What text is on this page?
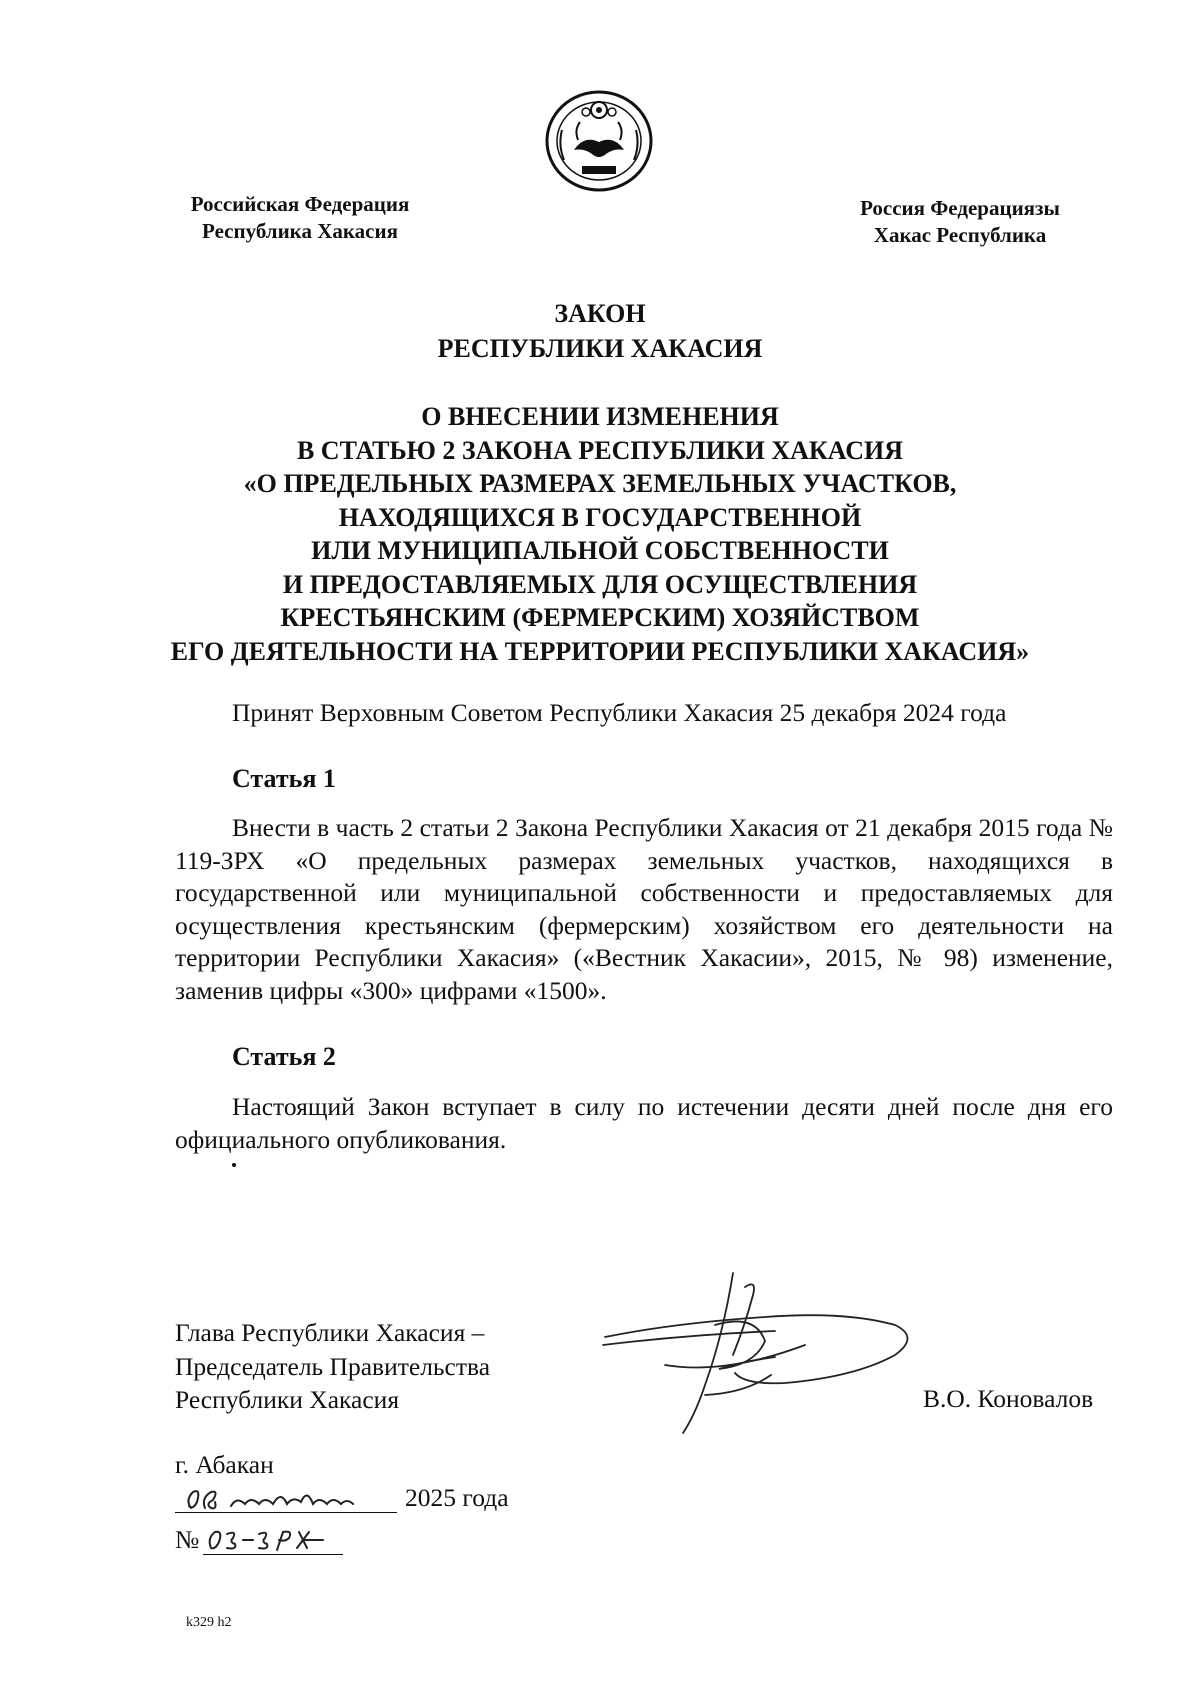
Российская Федерация
Республика Хакасия
Россия Федерациязы
Хакас Республика
ЗАКОН
РЕСПУБЛИКИ ХАКАСИЯ
О ВНЕСЕНИИ ИЗМЕНЕНИЯ
В СТАТЬЮ 2 ЗАКОНА РЕСПУБЛИКИ ХАКАСИЯ
«О ПРЕДЕЛЬНЫХ РАЗМЕРАХ ЗЕМЕЛЬНЫХ УЧАСТКОВ,
НАХОДЯЩИХСЯ В ГОСУДАРСТВЕННОЙ
ИЛИ МУНИЦИПАЛЬНОЙ СОБСТВЕННОСТИ
И ПРЕДОСТАВЛЯЕМЫХ ДЛЯ ОСУЩЕСТВЛЕНИЯ
КРЕСТЬЯНСКИМ (ФЕРМЕРСКИМ) ХОЗЯЙСТВОМ
ЕГО ДЕЯТЕЛЬНОСТИ НА ТЕРРИТОРИИ РЕСПУБЛИКИ ХАКАСИЯ»
Принят Верховным Советом Республики Хакасия 25 декабря 2024 года
Статья 1
Внести в часть 2 статьи 2 Закона Республики Хакасия от 21 декабря 2015 года № 119-ЗРХ «О предельных размерах земельных участков, находящихся в государственной или муниципальной собственности и предоставляемых для осуществления крестьянским (фермерским) хозяйством его деятельности на территории Республики Хакасия» («Вестник Хакасии», 2015, № 98) изменение, заменив цифры «300» цифрами «1500».
Статья 2
Настоящий Закон вступает в силу по истечении десяти дней после дня его официального опубликования.
Глава Республики Хакасия –
Председатель Правительства
Республики Хакасия	В.О. Коновалов
г. Абакан
2025 года
№
k329 h2
